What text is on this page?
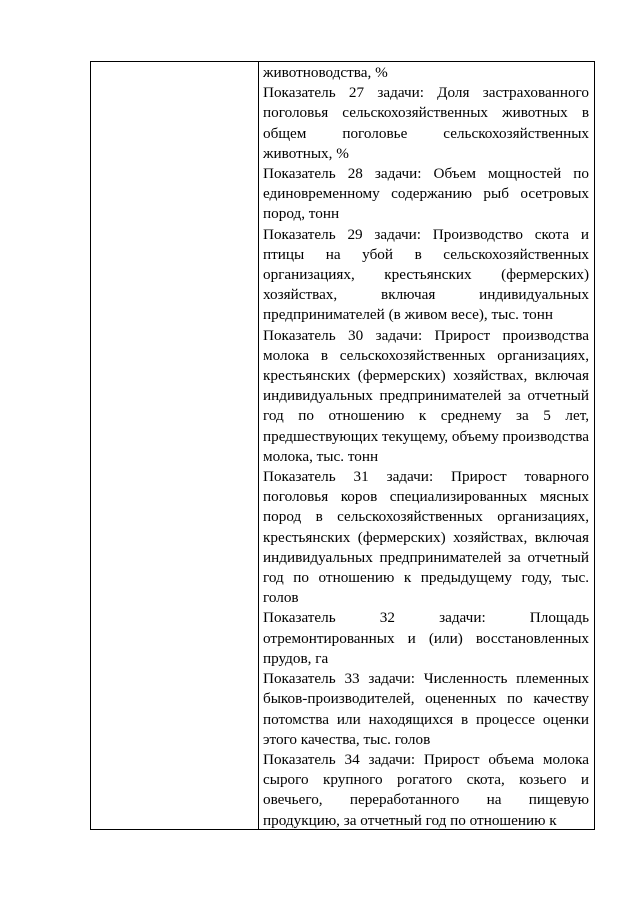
животноводства, %

Показатель 27 задачи: Доля застрахованного поголовья сельскохозяйственных животных в общем поголовье сельскохозяйственных животных, %

Показатель 28 задачи: Объем мощностей по единовременному содержанию рыб осетровых пород, тонн

Показатель 29 задачи: Производство скота и птицы на убой в сельскохозяйственных организациях, крестьянских (фермерских) хозяйствах, включая индивидуальных предпринимателей (в живом весе), тыс. тонн

Показатель 30 задачи: Прирост производства молока в сельскохозяйственных организациях, крестьянских (фермерских) хозяйствах, включая индивидуальных предпринимателей за отчетный год по отношению к среднему за 5 лет, предшествующих текущему, объему производства молока, тыс. тонн

Показатель 31 задачи: Прирост товарного поголовья коров специализированных мясных пород в сельскохозяйственных организациях, крестьянских (фермерских) хозяйствах, включая индивидуальных предпринимателей за отчетный год по отношению к предыдущему году, тыс. голов

Показатель 32 задачи: Площадь отремонтированных и (или) восстановленных прудов, га

Показатель 33 задачи: Численность племенных быков-производителей, оцененных по качеству потомства или находящихся в процессе оценки этого качества, тыс. голов

Показатель 34 задачи: Прирост объема молока сырого крупного рогатого скота, козьего и овечьего, переработанного на пищевую продукцию, за отчетный год по отношению к
